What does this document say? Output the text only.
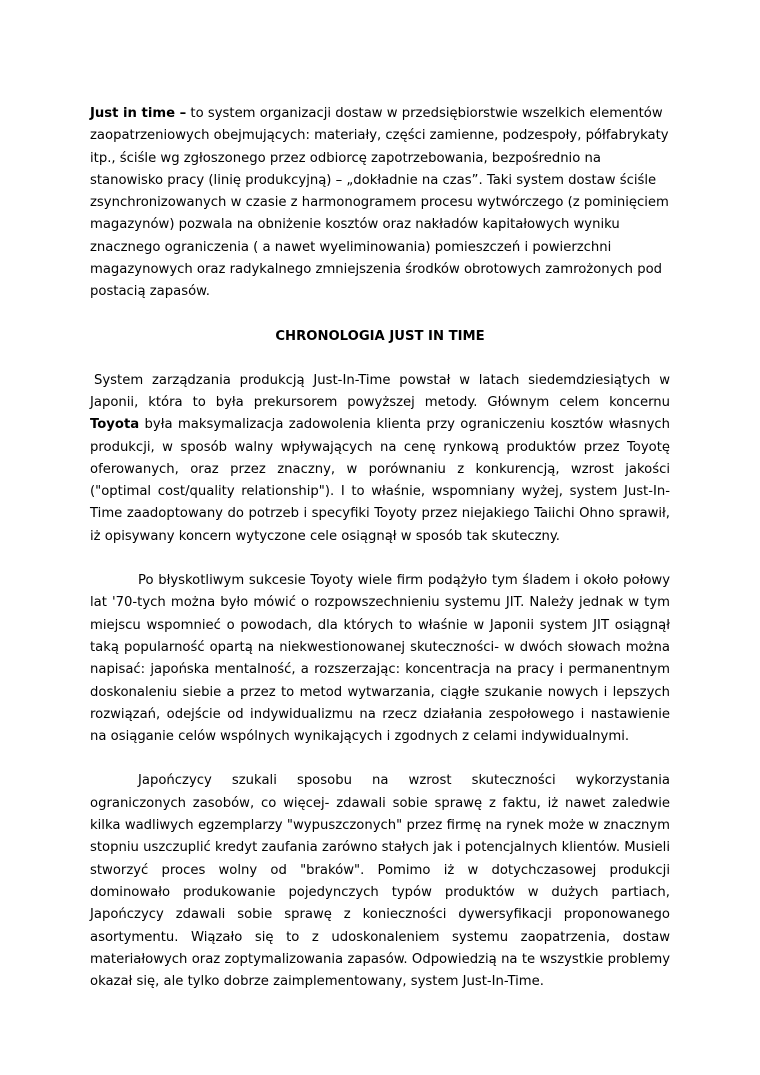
Just in time – to system organizacji dostaw w przedsiębiorstwie wszelkich elementów zaopatrzeniowych obejmujących: materiały, części zamienne, podzespoły, półfabrykaty itp., ściśle wg zgłoszonego przez odbiorcę zapotrzebowania, bezpośrednio na stanowisko pracy (linię produkcyjną) – „dokładnie na czas”. Taki system dostaw ściśle zsynchronizowanych w czasie z harmonogramem procesu wytwórczego (z pominięciem magazynów) pozwala na obniżenie kosztów oraz nakładów kapitałowych wyniku znacznego ograniczenia ( a nawet wyeliminowania) pomieszczeń i powierzchni magazynowych oraz radykalnego zmniejszenia środków obrotowych zamrożonych pod postacią zapasów.

CHRONOLOGIA JUST IN TIME

System zarządzania produkcją Just-In-Time powstał w latach siedemdziesiątych w Japonii, która to była prekursorem powyższej metody. Głównym celem koncernu Toyota była maksymalizacja zadowolenia klienta przy ograniczeniu kosztów własnych produkcji, w sposób walny wpływających na cenę rynkową produktów przez Toyotę oferowanych, oraz przez znaczny, w porównaniu z konkurencją, wzrost jakości ("optimal cost/quality relationship"). I to właśnie, wspomniany wyżej, system Just-In-Time zaadoptowany do potrzeb i specyfiki Toyoty przez niejakiego Taiichi Ohno sprawił, iż opisywany koncern wytyczone cele osiągnął w sposób tak skuteczny.

Po błyskotliwym sukcesie Toyoty wiele firm podążyło tym śladem i około połowy lat '70-tych można było mówić o rozpowszechnieniu systemu JIT. Należy jednak w tym miejscu wspomnieć o powodach, dla których to właśnie w Japonii system JIT osiągnął taką popularność opartą na niekwestionowanej skuteczności- w dwóch słowach można napisać: japońska mentalność, a rozszerzając: koncentracja na pracy i permanentnym doskonaleniu siebie a przez to metod wytwarzania, ciągłe szukanie nowych i lepszych rozwiązań, odejście od indywidualizmu na rzecz działania zespołowego i nastawienie na osiąganie celów wspólnych wynikających i zgodnych z celami indywidualnymi.

Japończycy szukali sposobu na wzrost skuteczności wykorzystania ograniczonych zasobów, co więcej- zdawali sobie sprawę z faktu, iż nawet zaledwie kilka wadliwych egzemplarzy "wypuszczonych" przez firmę na rynek może w znacznym stopniu uszczuplić kredyt zaufania zarówno stałych jak i potencjalnych klientów. Musieli stworzyć proces wolny od "braków". Pomimo iż w dotychczasowej produkcji dominowało produkowanie pojedynczych typów produktów w dużych partiach, Japończycy zdawali sobie sprawę z konieczności dywersyfikacji proponowanego asortymentu. Wiązało się to z udoskonaleniem systemu zaopatrzenia, dostaw materiałowych oraz zoptymalizowania zapasów. Odpowiedzią na te wszystkie problemy okazał się, ale tylko dobrze zaimplementowany, system Just-In-Time.
